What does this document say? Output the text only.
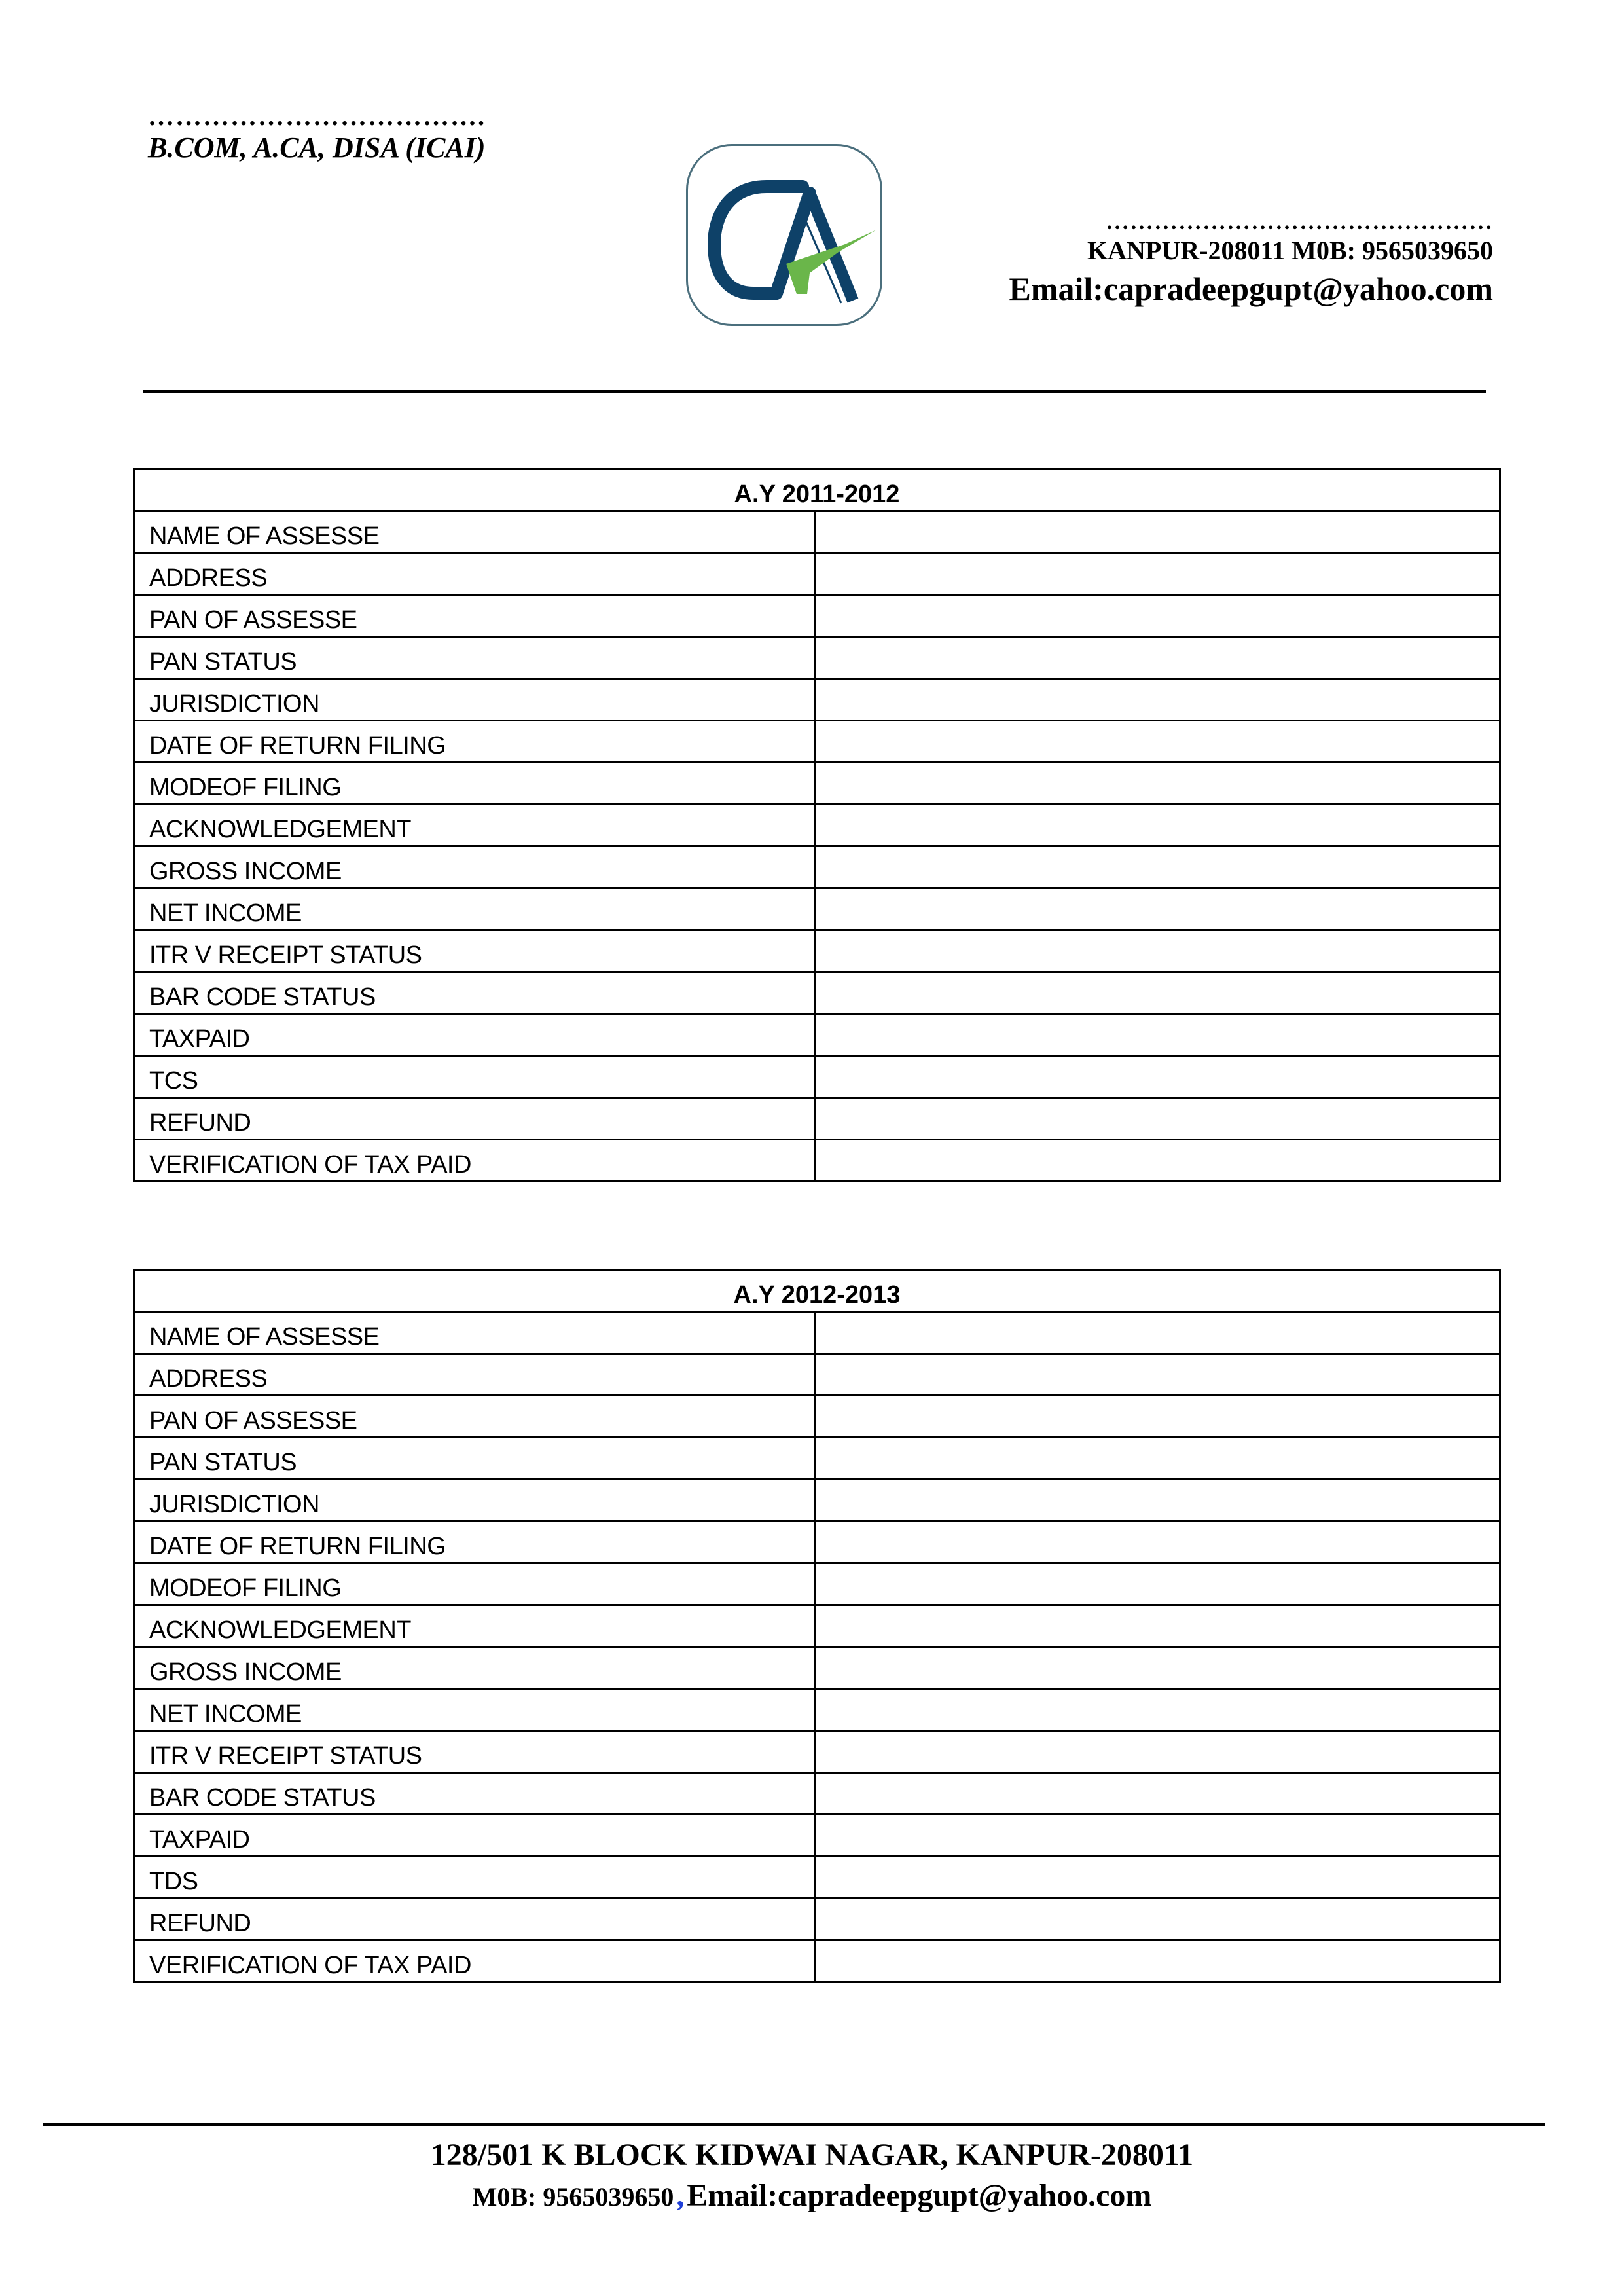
……………………………….
B.COM, A.CA, DISA (ICAI)
…………………………………………
KANPUR-208011 M0B: 9565039650
Email:capradeepgupt@yahoo.com
A.Y 2011-2012	
NAME OF ASSESSE	
ADDRESS	
PAN OF ASSESSE	
PAN STATUS	
JURISDICTION	
DATE OF RETURN FILING	
MODEOF FILING	
ACKNOWLEDGEMENT	
GROSS INCOME	
NET INCOME	
ITR V RECEIPT STATUS	
BAR CODE STATUS	
TAXPAID	
TCS	
REFUND	
VERIFICATION OF TAX PAID	
A.Y 2012-2013	
NAME OF ASSESSE	
ADDRESS	
PAN OF ASSESSE	
PAN STATUS	
JURISDICTION	
DATE OF RETURN FILING	
MODEOF FILING	
ACKNOWLEDGEMENT	
GROSS INCOME	
NET INCOME	
ITR V RECEIPT STATUS	
BAR CODE STATUS	
TAXPAID	
TDS	
REFUND	
VERIFICATION OF TAX PAID	
128/501 K BLOCK KIDWAI NAGAR, KANPUR-208011
M0B: 9565039650 , Email:capradeepgupt@yahoo.com
